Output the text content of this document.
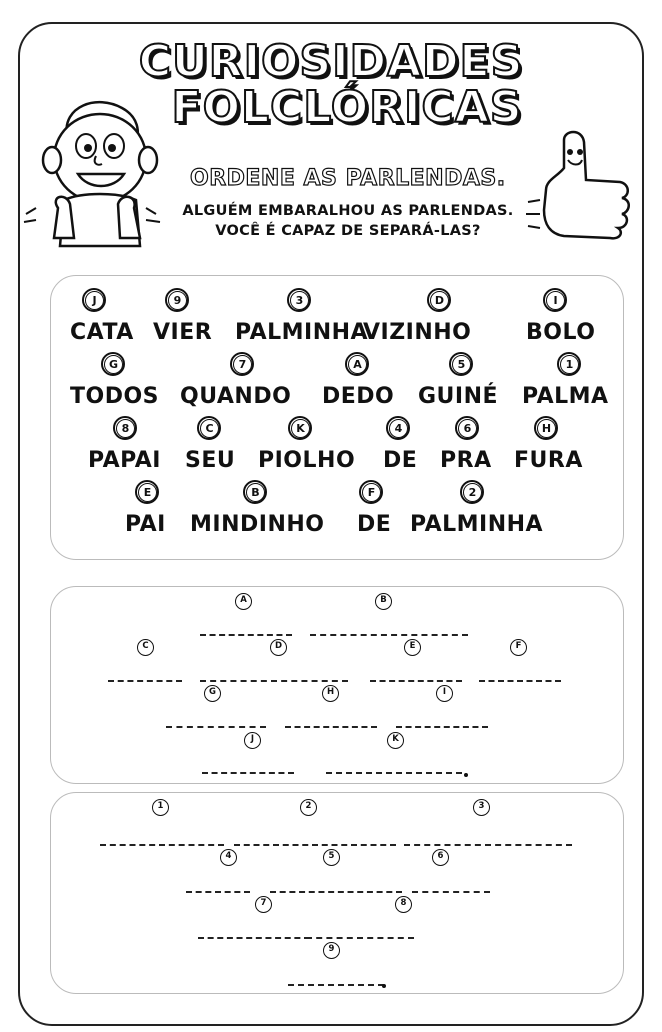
CURIOSIDADES
FOLCLÓRICAS
ORDENE AS PARLENDAS.
ALGUÉM EMBARALHOU AS PARLENDAS.
VOCÊ É CAPAZ DE SEPARÁ-LAS?
J
CATA
9
VIER
3
PALMINHA
D
VIZINHO
I
BOLO
G
TODOS
7
QUANDO
A
DEDO
5
GUINÉ
1
PALMA
8
PAPAI
C
SEU
K
PIOLHO
4
DE
6
PRA
H
FURA
E
PAI
B
MINDINHO
F
DE
2
PALMINHA
A	B
C	D	E	F
G	H	I
J	K
1	2	3
4	5	6
7	8
9
